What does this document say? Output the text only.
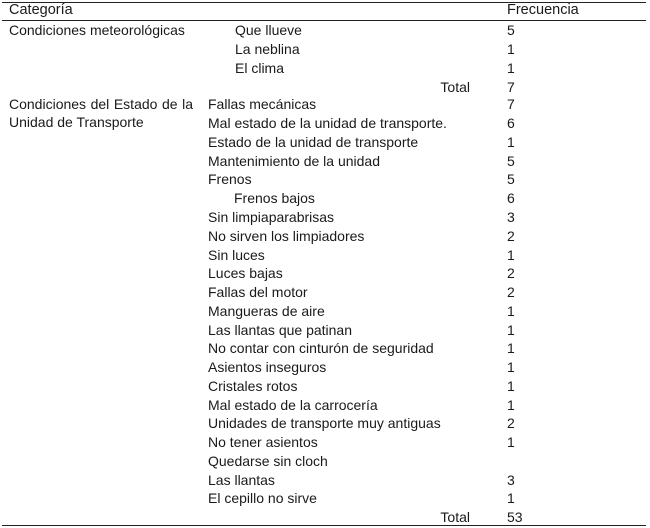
Categoría	Frecuencia
Condiciones meteorológicas	Que llueve	5
La neblina	1
El clima	1
Total	7
Condiciones del Estado de la Unidad de Transporte
Fallas mecánicas	7
Mal estado de la unidad de transporte.	6
Estado de la unidad de transporte	1
Mantenimiento de la unidad	5
Frenos	5
Frenos bajos	6
Sin limpiaparabrisas	3
No sirven los limpiadores	2
Sin luces	1
Luces bajas	2
Fallas del motor	2
Mangueras de aire	1
Las llantas que patinan	1
No contar con cinturón de seguridad	1
Asientos inseguros	1
Cristales rotos	1
Mal estado de la carrocería	1
Unidades de transporte muy antiguas	2
No tener asientos	1
Quedarse sin cloch
Las llantas	3
El cepillo no sirve	1
Total	53
